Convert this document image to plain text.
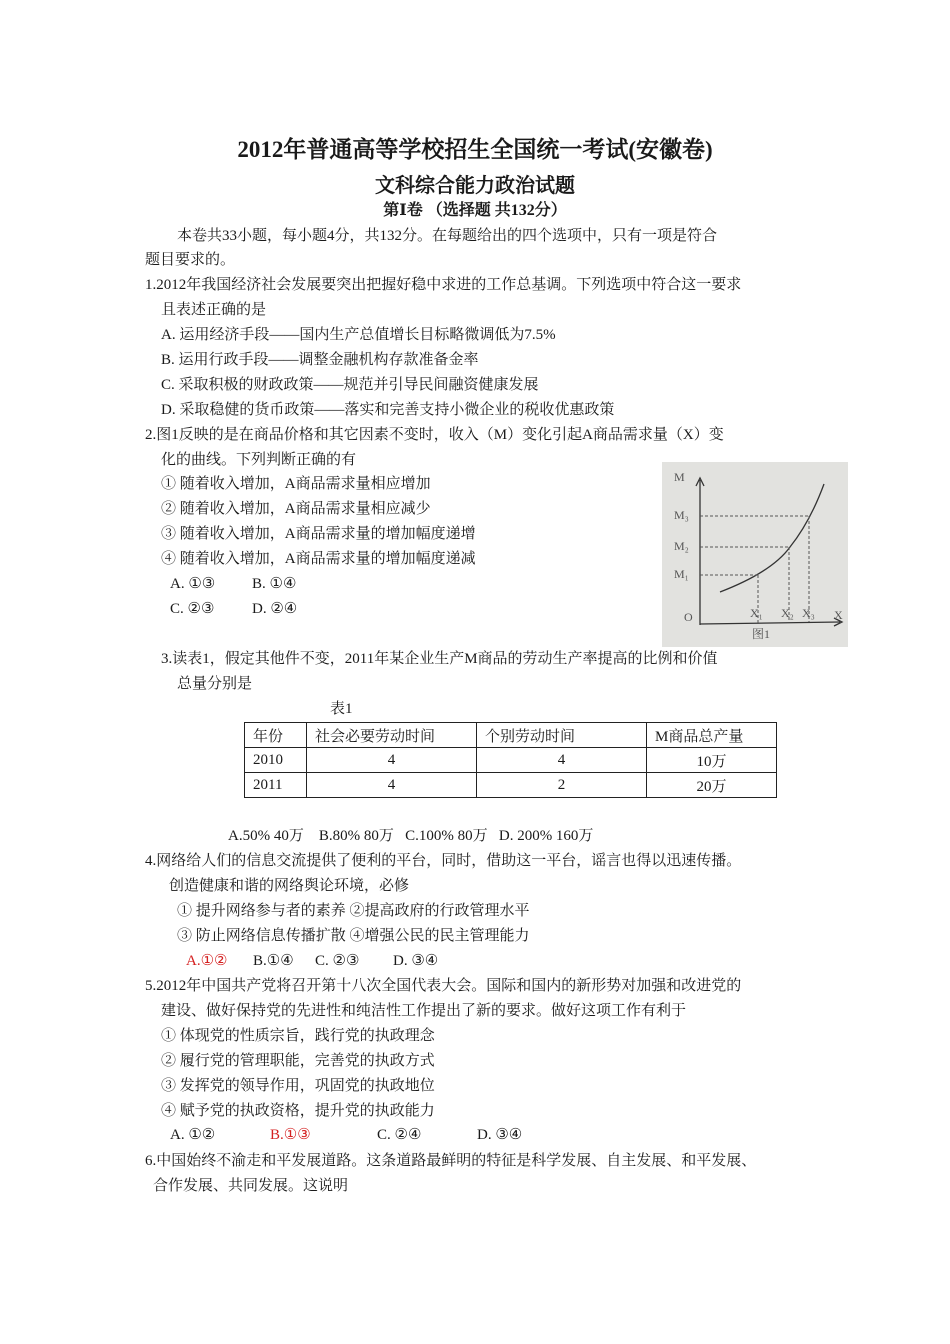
2012年普通高等学校招生全国统一考试(安徽卷)
文科综合能力政治试题
第Ⅰ卷 （选择题 共132分）
本卷共33小题，每小题4分，共132分。在每题给出的四个选项中，只有一项是符合
题目要求的。
1.2012年我国经济社会发展要突出把握好稳中求进的工作总基调。下列选项中符合这一要求
且表述正确的是
A. 运用经济手段——国内生产总值增长目标略微调低为7.5%
B. 运用行政手段——调整金融机构存款准备金率
C. 采取积极的财政政策——规范并引导民间融资健康发展
D. 采取稳健的货币政策——落实和完善支持小微企业的税收优惠政策
2.图1反映的是在商品价格和其它因素不变时，收入（M）变化引起A商品需求量（X）变
化的曲线。下列判断正确的有
① 随着收入增加，A商品需求量相应增加
② 随着收入增加，A商品需求量相应减少
③ 随着收入增加，A商品需求量的增加幅度递增
④ 随着收入增加，A商品需求量的增加幅度递减
A. ①③ B. ①④
C. ②③	D. ②④
M
M₃
M₂
M₁
O	X₁ X₂ X₃ X
图1
3.读表1，假定其他件不变，2011年某企业生产M商品的劳动生产率提高的比例和价值
总量分别是
表1
年份	社会必要劳动时间	个别劳动时间	M商品总产量
2010	4	4	10万
2011	4	2	20万
A.50% 40万 B.80% 80万 C.100% 80万 D. 200% 160万
4.网络给人们的信息交流提供了便利的平台，同时，借助这一平台，谣言也得以迅速传播。
创造健康和谐的网络舆论环境，必修
① 提升网络参与者的素养 ②提高政府的行政管理水平
③ 防止网络信息传播扩散 ④增强公民的民主管理能力
A.①② B.①④ C. ②③ D. ③④
5.2012年中国共产党将召开第十八次全国代表大会。国际和国内的新形势对加强和改进党的
建设、做好保持党的先进性和纯洁性工作提出了新的要求。做好这项工作有利于
① 体现党的性质宗旨，践行党的执政理念
② 履行党的管理职能，完善党的执政方式
③ 发挥党的领导作用，巩固党的执政地位
④ 赋予党的执政资格，提升党的执政能力
A. ①②	B.①③	C. ②④	D. ③④
6.中国始终不渝走和平发展道路。这条道路最鲜明的特征是科学发展、自主发展、和平发展、
合作发展、共同发展。这说明
